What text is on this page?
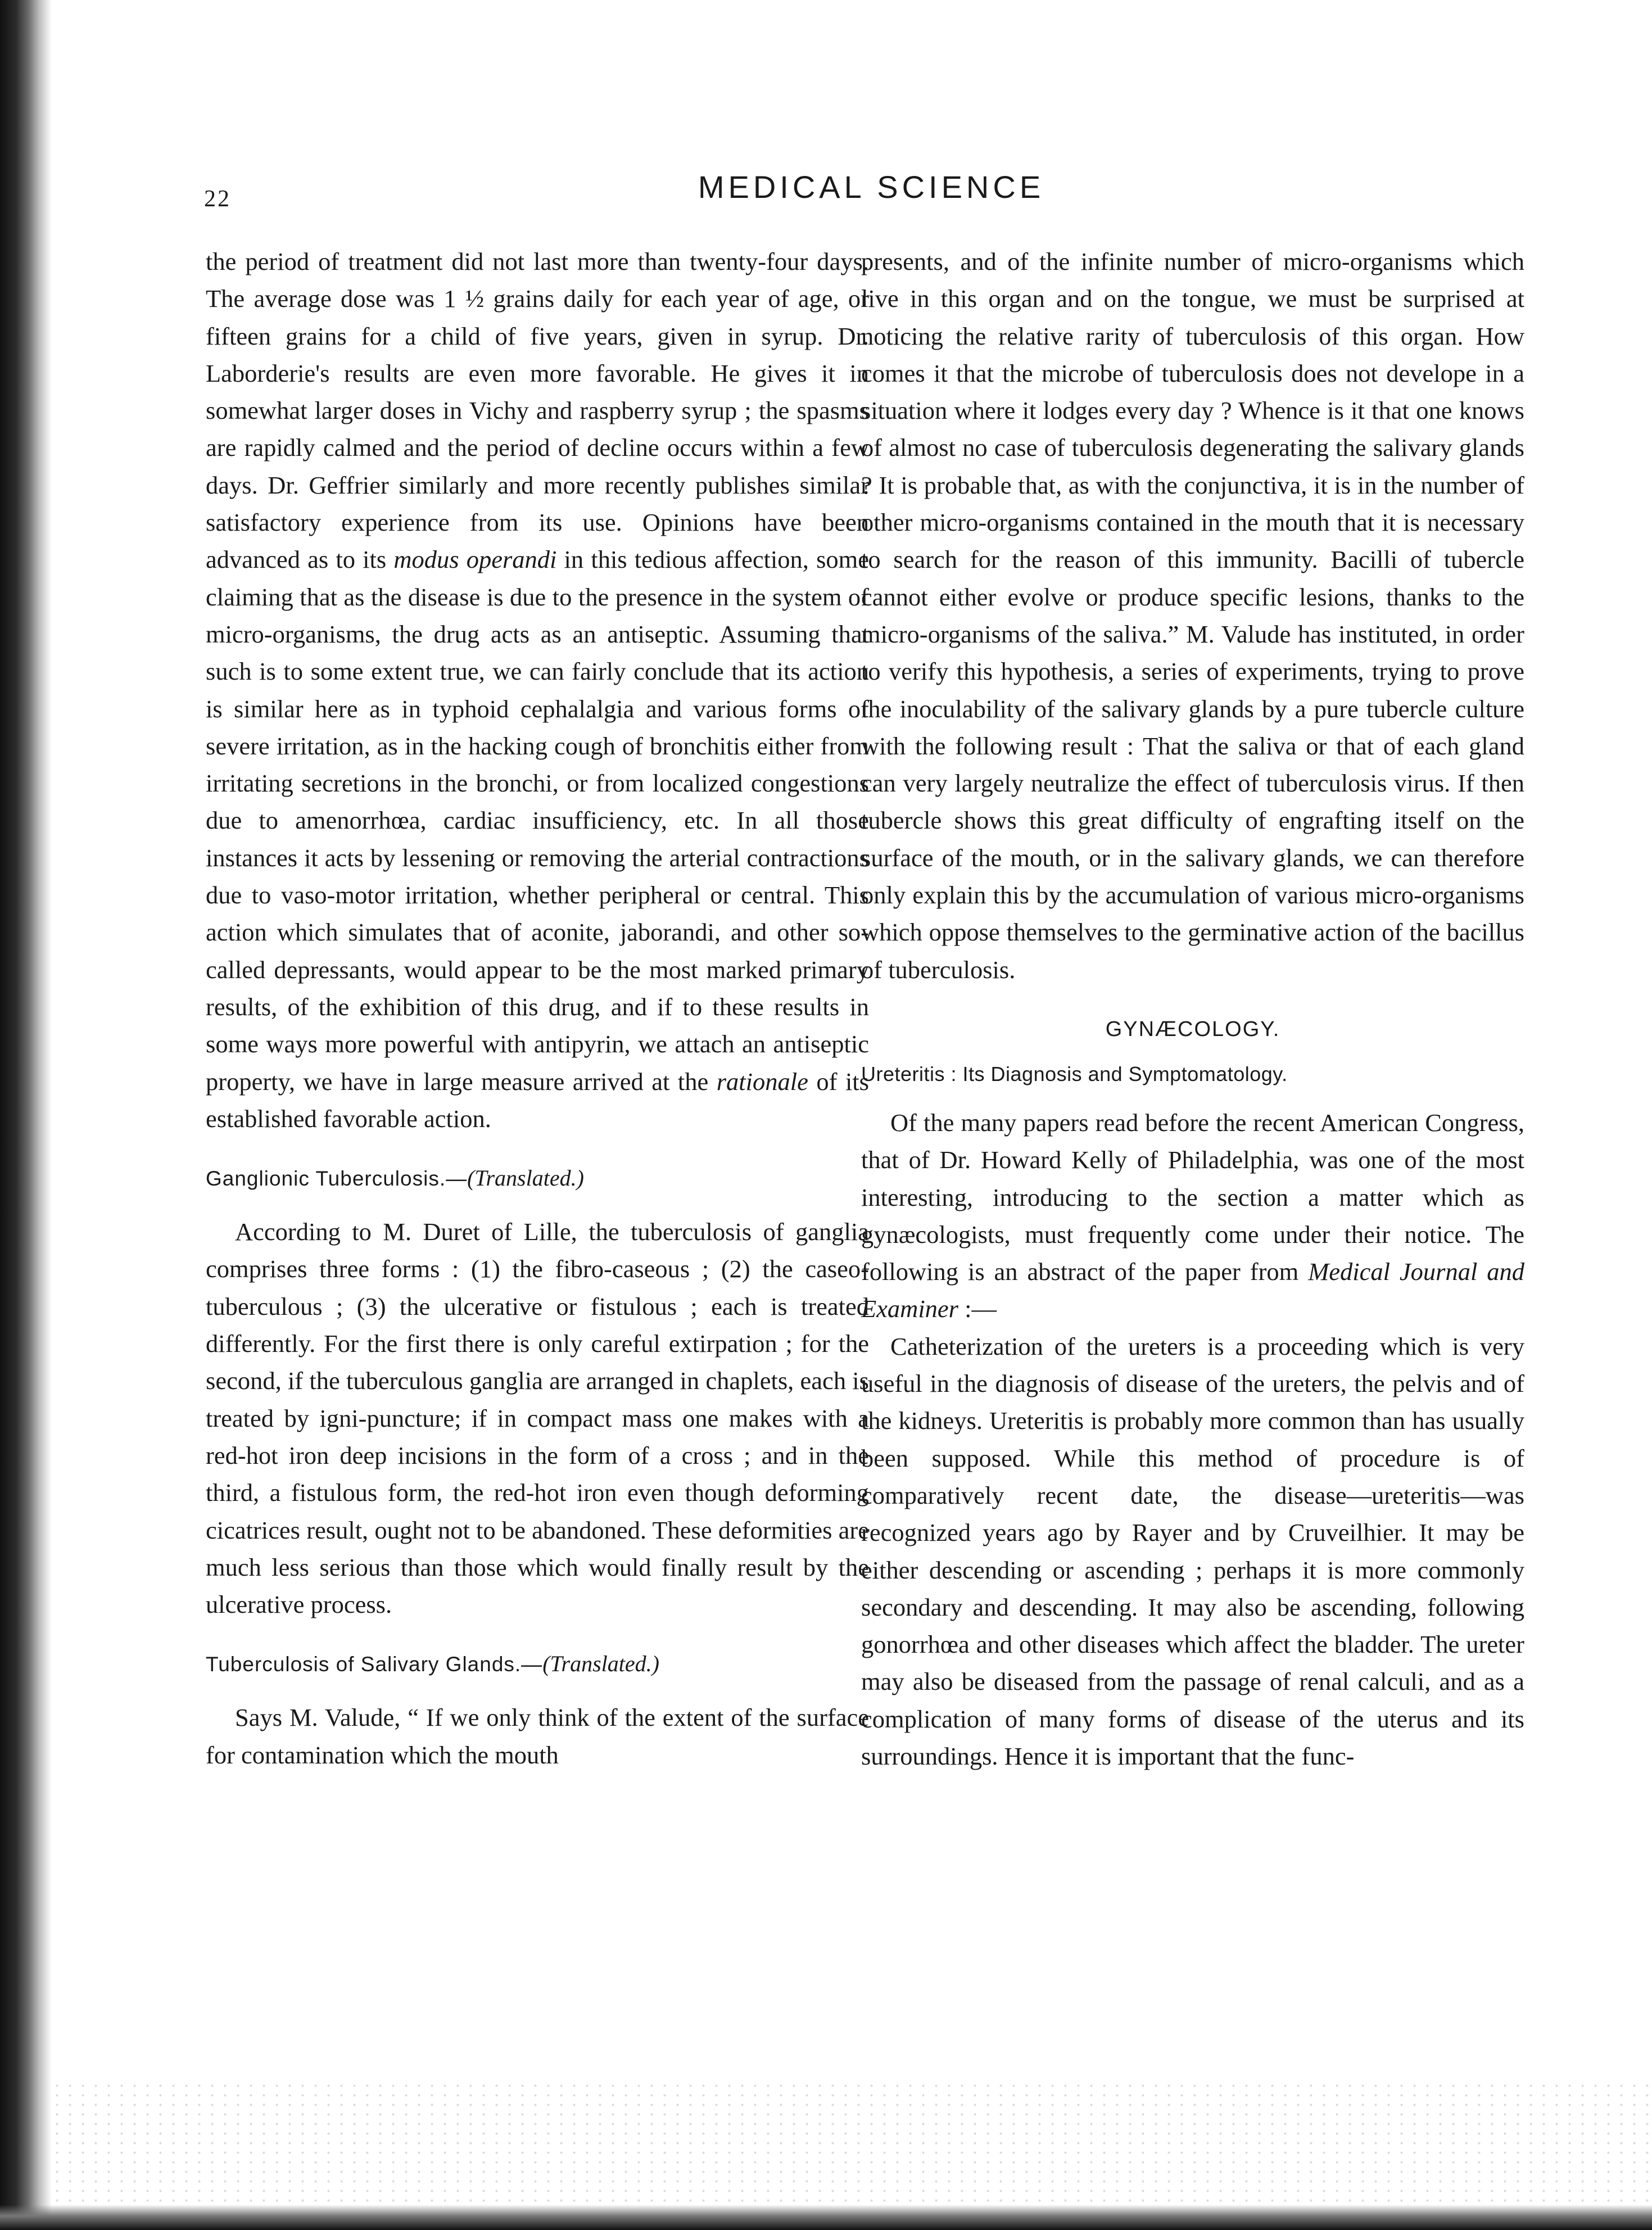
22	MEDICAL SCIENCE

the period of treatment did not last more than twenty-four days. The average dose was 1 ½ grains daily for each year of age, or fifteen grains for a child of five years, given in syrup. Dr. Laborderie's results are even more favorable. He gives it in somewhat larger doses in Vichy and raspberry syrup ; the spasms are rapidly calmed and the period of decline occurs within a few days. Dr. Geffrier similarly and more recently publishes similar satisfactory experience from its use. Opinions have been advanced as to its modus operandi in this tedious affection, some claiming that as the disease is due to the presence in the system of micro-organisms, the drug acts as an antiseptic. Assuming that such is to some extent true, we can fairly conclude that its action is similar here as in typhoid cephalalgia and various forms of severe irritation, as in the hacking cough of bronchitis either from irritating secretions in the bronchi, or from localized congestions due to amenorrhœa, cardiac insufficiency, etc. In all those instances it acts by lessening or removing the arterial contractions due to vaso-motor irritation, whether peripheral or central. This action which simulates that of aconite, jaborandi, and other so-called depressants, would appear to be the most marked primary results, of the exhibition of this drug, and if to these results in some ways more powerful with antipyrin, we attach an antiseptic property, we have in large measure arrived at the rationale of its established favorable action.

Ganglionic Tuberculosis.—(Translated.)

According to M. Duret of Lille, the tuberculosis of ganglia comprises three forms : (1) the fibro-caseous ; (2) the caseo-tuberculous ; (3) the ulcerative or fistulous ; each is treated differently. For the first there is only careful extirpation ; for the second, if the tuberculous ganglia are arranged in chaplets, each is treated by igni-puncture; if in compact mass one makes with a red-hot iron deep incisions in the form of a cross ; and in the third, a fistulous form, the red-hot iron even though deforming cicatrices result, ought not to be abandoned. These deformities are much less serious than those which would finally result by the ulcerative process.

Tuberculosis of Salivary Glands.—(Translated.)

Says M. Valude, “ If we only think of the extent of the surface for contamination which the mouth

presents, and of the infinite number of micro-organisms which live in this organ and on the tongue, we must be surprised at noticing the relative rarity of tuberculosis of this organ. How comes it that the microbe of tuberculosis does not develope in a situation where it lodges every day ? Whence is it that one knows of almost no case of tuberculosis degenerating the salivary glands ? It is probable that, as with the conjunctiva, it is in the number of other micro-organisms contained in the mouth that it is necessary to search for the reason of this immunity. Bacilli of tubercle cannot either evolve or produce specific lesions, thanks to the micro-organisms of the saliva.” M. Valude has instituted, in order to verify this hypothesis, a series of experiments, trying to prove the inoculability of the salivary glands by a pure tubercle culture with the following result : That the saliva or that of each gland can very largely neutralize the effect of tuberculosis virus. If then tubercle shows this great difficulty of engrafting itself on the surface of the mouth, or in the salivary glands, we can therefore only explain this by the accumulation of various micro-organisms which oppose themselves to the germinative action of the bacillus of tuberculosis.

GYNÆCOLOGY.
Ureteritis : Its Diagnosis and Symptomatology.

Of the many papers read before the recent American Congress, that of Dr. Howard Kelly of Philadelphia, was one of the most interesting, introducing to the section a matter which as gynæcologists, must frequently come under their notice. The following is an abstract of the paper from Medical Journal and Examiner :—

Catheterization of the ureters is a proceeding which is very useful in the diagnosis of disease of the ureters, the pelvis and of the kidneys. Ureteritis is probably more common than has usually been supposed. While this method of procedure is of comparatively recent date, the disease—ureteritis—was recognized years ago by Rayer and by Cruveilhier. It may be either descending or ascending ; perhaps it is more commonly secondary and descending. It may also be ascending, following gonorrhœa and other diseases which affect the bladder. The ureter may also be diseased from the passage of renal calculi, and as a complication of many forms of disease of the uterus and its surroundings. Hence it is important that the func-
